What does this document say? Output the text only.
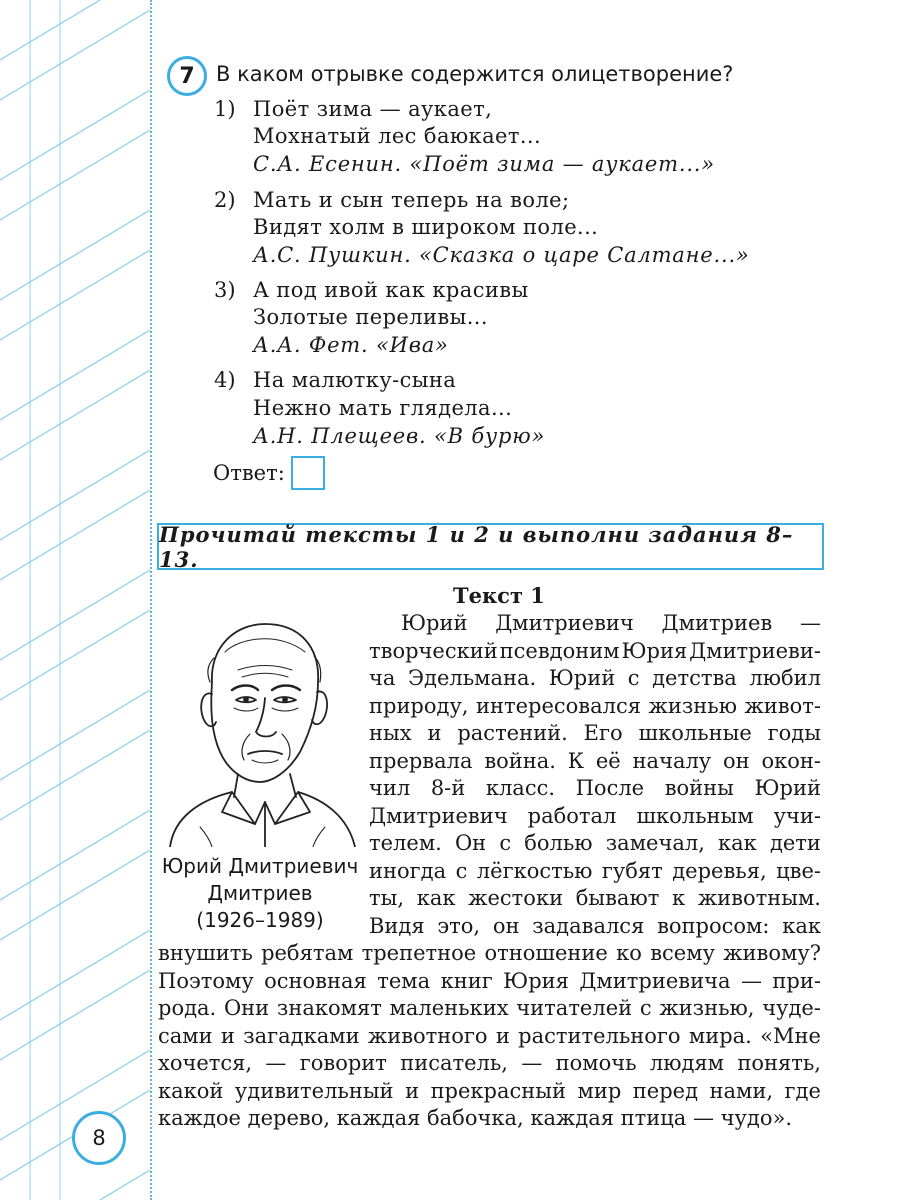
7	В каком отрывке содержится олицетворение?
1) Поёт зима — аукает,
Мохнатый лес баюкает...
С.А. Есенин. «Поёт зима — аукает...»
2) Мать и сын теперь на воле;
Видят холм в широком поле...
А.С. Пушкин. «Сказка о царе Салтане...»
3) А под ивой как красивы
Золотые переливы...
А.А. Фет. «Ива»
4) На малютку-сына
Нежно мать глядела...
А.Н. Плещеев. «В бурю»
Ответ:
Прочитай тексты 1 и 2 и выполни задания 8–13.
Текст 1
Юрий Дмитриевич
Дмитриев
(1926–1989)
Юрий Дмитриевич Дмитриев —
творческий псевдоним Юрия Дмитриеви-
ча Эдельмана. Юрий с детства любил
природу, интересовался жизнью живот-
ных и растений. Его школьные годы
прервала война. К её началу он окон-
чил 8-й класс. После войны Юрий
Дмитриевич работал школьным учи-
телем. Он с болью замечал, как дети
иногда с лёгкостью губят деревья, цве-
ты, как жестоки бывают к животным.
Видя это, он задавался вопросом: как
внушить ребятам трепетное отношение ко всему живому?
Поэтому основная тема книг Юрия Дмитриевича — при-
рода. Они знакомят маленьких читателей с жизнью, чуде-
сами и загадками животного и растительного мира. «Мне
хочется, — говорит писатель, — помочь людям понять,
какой удивительный и прекрасный мир перед нами, где
каждое дерево, каждая бабочка, каждая птица — чудо».
8
